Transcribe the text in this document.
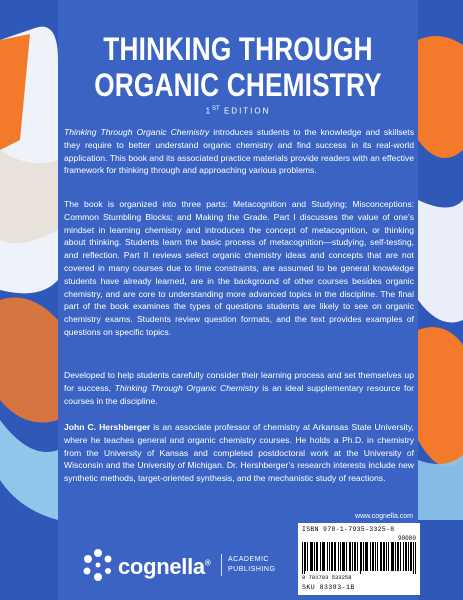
THINKING THROUGH
ORGANIC CHEMISTRY
1ST EDITION
Thinking Through Organic Chemistry introduces students to the knowledge and skillsets they require to better understand organic chemistry and find success in its real-world application. This book and its associated practice materials provide readers with an effective framework for thinking through and approaching various problems.
The book is organized into three parts: Metacognition and Studying; Misconceptions: Common Stumbling Blocks; and Making the Grade. Part I discusses the value of one’s mindset in learning chemistry and introduces the concept of metacognition, or thinking about thinking. Students learn the basic process of metacognition—studying, self-testing, and reflection. Part II reviews select organic chemistry ideas and concepts that are not covered in many courses due to time constraints, are assumed to be general knowledge students have already learned, are in the background of other courses besides organic chemistry, and are core to understanding more advanced topics in the discipline. The final part of the book examines the types of questions students are likely to see on organic chemistry exams. Students review question formats, and the text provides examples of questions on specific topics.
Developed to help students carefully consider their learning process and set themselves up for success, Thinking Through Organic Chemistry is an ideal supplementary resource for courses in the discipline.
John C. Hershberger is an associate professor of chemistry at Arkansas State University, where he teaches general and organic chemistry courses. He holds a Ph.D. in chemistry from the University of Kansas and completed postdoctoral work at the University of Wisconsin and the University of Michigan. Dr. Hershberger’s research interests include new synthetic methods, target-oriented synthesis, and the mechanistic study of reactions.
www.cognella.com
cognella®	ACADEMIC
PUBLISHING
ISBN 978-1-7935-3325-8
90000
9 781793 533258
SKU 83383-1B
